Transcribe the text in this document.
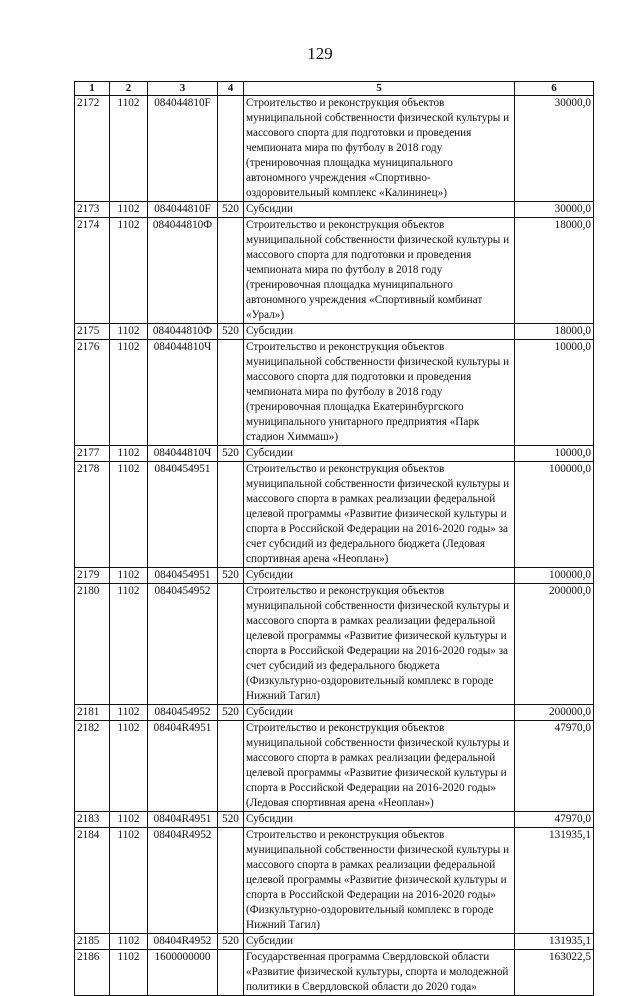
129
1	2	3	4	5	6
2172	1102	084044810F		Строительство и реконструкция объектов муниципальной собственности физической культуры и массового спорта для подготовки и проведения чемпионата мира по футболу в 2018 году (тренировочная площадка муниципального автономного учреждения «Спортивно-оздоровительный комплекс «Калининец»)	30000,0
2173	1102	084044810F	520	Субсидии	30000,0
2174	1102	084044810Ф		Строительство и реконструкция объектов муниципальной собственности физической культуры и массового спорта для подготовки и проведения чемпионата мира по футболу в 2018 году (тренировочная площадка муниципального автономного учреждения «Спортивный комбинат «Урал»)	18000,0
2175	1102	084044810Ф	520	Субсидии	18000,0
2176	1102	084044810Ч		Строительство и реконструкция объектов муниципальной собственности физической культуры и массового спорта для подготовки и проведения чемпионата мира по футболу в 2018 году (тренировочная площадка Екатеринбургского муниципального унитарного предприятия «Парк стадион Химмаш»)	10000,0
2177	1102	084044810Ч	520	Субсидии	10000,0
2178	1102	0840454951		Строительство и реконструкция объектов муниципальной собственности физической культуры и массового спорта в рамках реализации федеральной целевой программы «Развитие физической культуры и спорта в Российской Федерации на 2016-2020 годы» за счет субсидий из федерального бюджета (Ледовая спортивная арена «Неоплан»)	100000,0
2179	1102	0840454951	520	Субсидии	100000,0
2180	1102	0840454952		Строительство и реконструкция объектов муниципальной собственности физической культуры и массового спорта в рамках реализации федеральной целевой программы «Развитие физической культуры и спорта в Российской Федерации на 2016-2020 годы» за счет субсидий из федерального бюджета (Физкультурно-оздоровительный комплекс в городе Нижний Тагил)	200000,0
2181	1102	0840454952	520	Субсидии	200000,0
2182	1102	08404R4951		Строительство и реконструкция объектов муниципальной собственности физической культуры и массового спорта в рамках реализации федеральной целевой программы «Развитие физической культуры и спорта в Российской Федерации на 2016-2020 годы» (Ледовая спортивная арена «Неоплан»)	47970,0
2183	1102	08404R4951	520	Субсидии	47970,0
2184	1102	08404R4952		Строительство и реконструкция объектов муниципальной собственности физической культуры и массового спорта в рамках реализации федеральной целевой программы «Развитие физической культуры и спорта в Российской Федерации на 2016-2020 годы» (Физкультурно-оздоровительный комплекс в городе Нижний Тагил)	131935,1
2185	1102	08404R4952	520	Субсидии	131935,1
2186	1102	1600000000		Государственная программа Свердловской области «Развитие физической культуры, спорта и молодежной политики в Свердловской области до 2020 года»	163022,5
